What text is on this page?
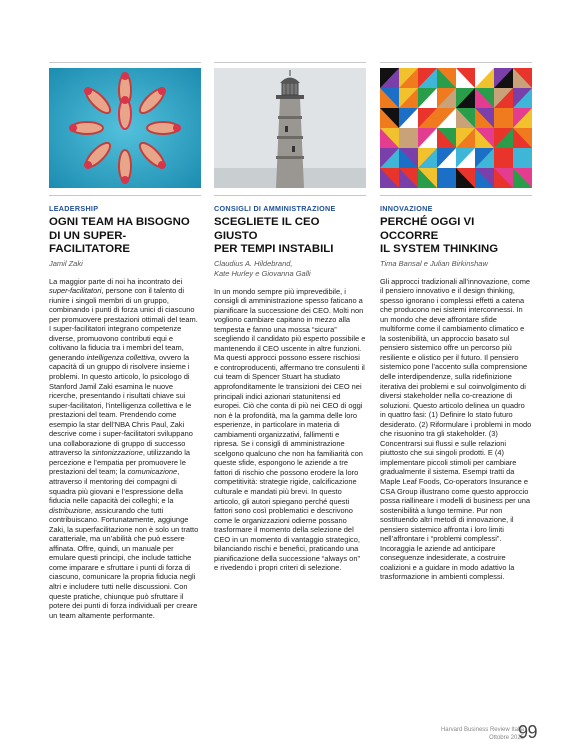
LEADERSHIP
OGNI TEAM HA BISOGNO
DI UN SUPER-FACILITATORE
Jamil Zaki
La maggior parte di noi ha incontrato dei super-facilitatori, persone con il talento di riunire i singoli membri di un gruppo, combinando i punti di forza unici di ciascuno per promuovere prestazioni ottimali del team. I super-facilitatori integrano competenze diverse, promuovono contributi equi e coltivano la fiducia tra i membri del team, generando intelligenza collettiva, ovvero la capacità di un gruppo di risolvere insieme i problemi. In questo articolo, lo psicologo di Stanford Jamil Zaki esamina le nuove ricerche, presentando i risultati chiave sui super-facilitatori, l’intelligenza collettiva e le prestazioni del team. Prendendo come esempio la star dell’NBA Chris Paul, Zaki descrive come i super-facilitatori sviluppano una collaborazione di gruppo di successo attraverso la sintonizzazione, utilizzando la percezione e l’empatia per promuovere le prestazioni del team; la comunicazione, attraverso il mentoring dei compagni di squadra più giovani e l’espressione della fiducia nelle capacità dei colleghi; e la distribuzione, assicurando che tutti contribuiscano. Fortunatamente, aggiunge Zaki, la superfacilitazione non è solo un tratto caratteriale, ma un’abilità che può essere affinata. Offre, quindi, un manuale per emulare questi principi, che include tattiche come imparare e sfruttare i punti di forza di ciascuno, comunicare la propria fiducia negli altri e includere tutti nelle discussioni. Con queste pratiche, chiunque può sfruttare il potere dei punti di forza individuali per creare un team altamente performante.
CONSIGLI DI AMMINISTRAZIONE
SCEGLIETE IL CEO GIUSTO
PER TEMPI INSTABILI
Claudius A. Hildebrand,
Kate Hurley e Giovanna Galli
In un mondo sempre più imprevedibile, i consigli di amministrazione spesso faticano a pianificare la successione dei CEO. Molti non vogliono cambiare capitano in mezzo alla tempesta e fanno una mossa “sicura” scegliendo il candidato più esperto possibile e mantenendo il CEO uscente in altre funzioni. Ma questi approcci possono essere rischiosi e controproducenti, affermano tre consulenti il cui team di Spencer Stuart ha studiato approfonditamente le transizioni dei CEO nei principali indici azionari statunitensi ed europei. Ciò che conta di più nei CEO di oggi non è la profondità, ma la gamma delle loro esperienze, in particolare in materia di cambiamenti organizzativi, fallimenti e ripresa. Se i consigli di amministrazione scelgono qualcuno che non ha familiarità con queste sfide, espongono le aziende a tre fattori di rischio che possono erodere la loro competitività: strategie rigide, calcificazione culturale e mandati più brevi. In questo articolo, gli autori spiegano perché questi fattori sono così problematici e descrivono come le organizzazioni odierne possano trasformare il momento della selezione del CEO in un momento di vantaggio strategico, bilanciando rischi e benefici, praticando una pianificazione della successione “always on” e rivedendo i propri criteri di selezione.
INNOVAZIONE
PERCHÉ OGGI VI OCCORRE
IL SYSTEM THINKING
Tima Bansal e Julian Birkinshaw
Gli approcci tradizionali all’innovazione, come il pensiero innovativo e il design thinking, spesso ignorano i complessi effetti a catena che producono nei sistemi interconnessi. In un mondo che deve affrontare sfide multiforme come il cambiamento climatico e la sostenibilità, un approccio basato sul pensiero sistemico offre un percorso più resiliente e olistico per il futuro. Il pensiero sistemico pone l’accento sulla comprensione delle interdipendenze, sulla ridefinizione iterativa dei problemi e sul coinvolgimento di diversi stakeholder nella co-creazione di soluzioni. Questo articolo delinea un quadro in quattro fasi: (1) Definire lo stato futuro desiderato. (2) Riformulare i problemi in modo che risuonino tra gli stakeholder. (3) Concentrarsi sui flussi e sulle relazioni piuttosto che sui singoli prodotti. E (4) implementare piccoli stimoli per cambiare gradualmente il sistema. Esempi tratti da Maple Leaf Foods, Co-operators Insurance e CSA Group illustrano come questo approccio possa riallineare i modelli di business per una sostenibilità a lungo termine. Pur non sostituendo altri metodi di innovazione, il pensiero sistemico affronta i loro limiti nell’affrontare i “problemi complessi”. Incoraggia le aziende ad anticipare conseguenze indesiderate, a costruire coalizioni e a guidare in modo adattivo la trasformazione in ambienti complessi.
Harvard Business Review Italia
Ottobre 2025
99
